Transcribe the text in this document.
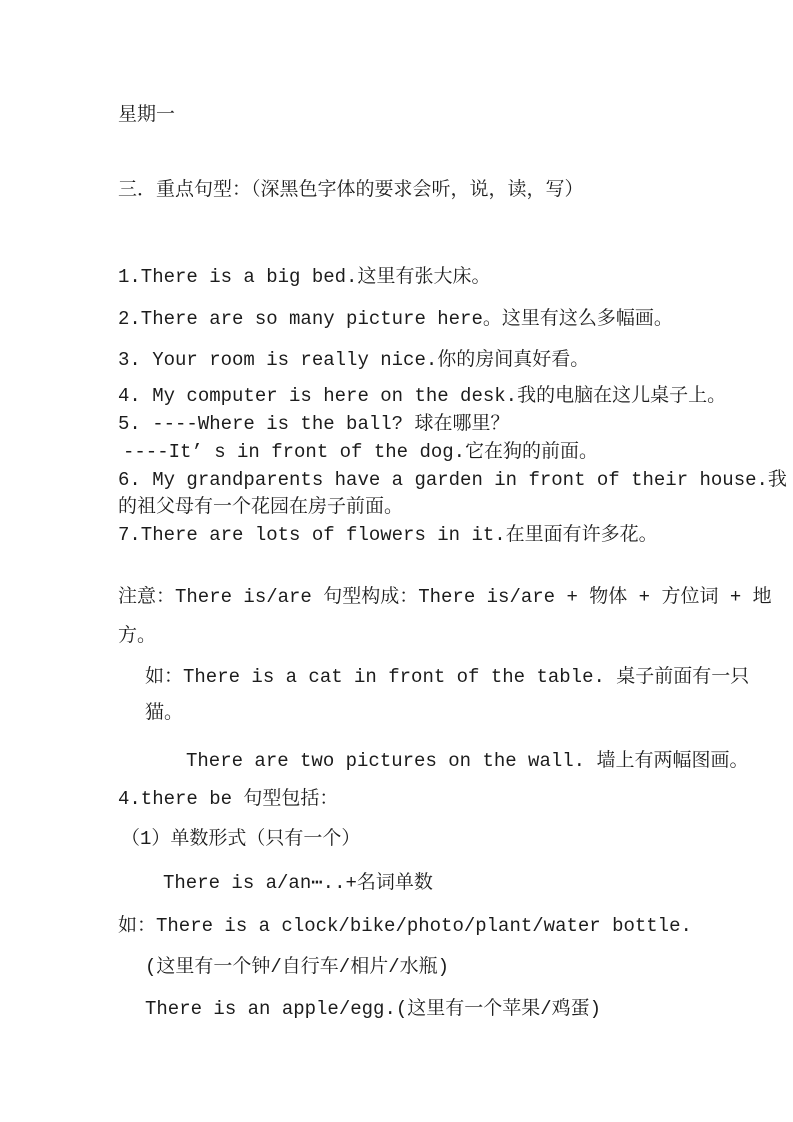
星期一
三．重点句型：（深黑色字体的要求会听，说，读，写）
1.There is a big bed.这里有张大床。
2.There are so many picture here。这里有这么多幅画。
3. Your room is really nice.你的房间真好看。
4. My computer is here on the desk.我的电脑在这儿桌子上。
5. ----Where is the ball? 球在哪里？
----It’ s in front of the dog.它在狗的前面。
6. My grandparents have a garden in front of their house.我
的祖父母有一个花园在房子前面。
7.There are lots of flowers in it.在里面有许多花。
注意：There is/are 句型构成：There is/are + 物体 + 方位词 + 地
方。
如：There is a cat in front of the table. 桌子前面有一只
猫。
There are two pictures on the wall. 墙上有两幅图画。
4.there be 句型包括：
（1）单数形式（只有一个）
There is a/an⋯..+名词单数
如：There is a clock/bike/photo/plant/water bottle.
(这里有一个钟/自行车/相片/水瓶)
There is an apple/egg.(这里有一个苹果/鸡蛋)
